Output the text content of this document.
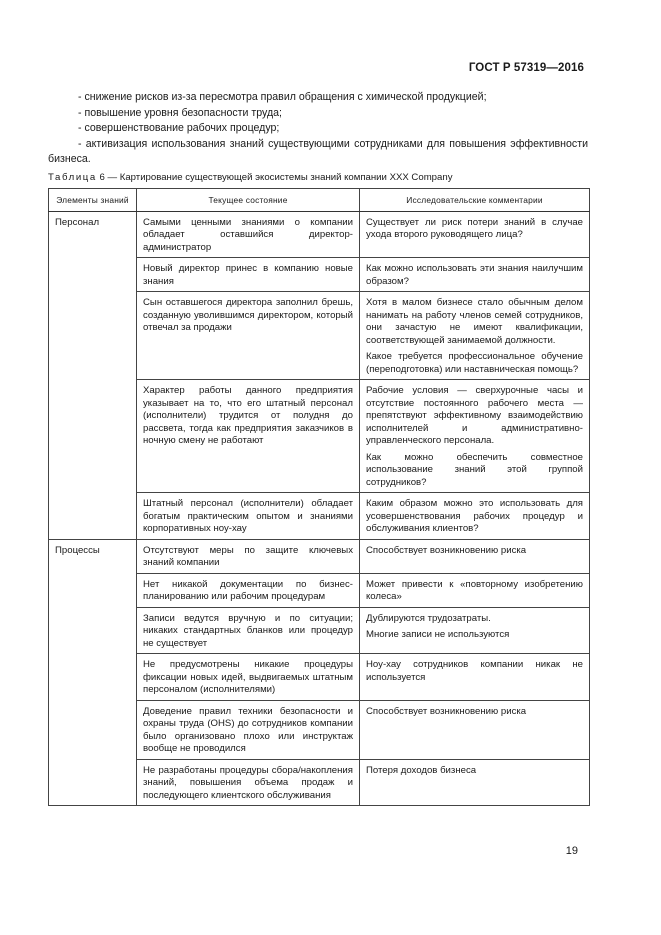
ГОСТ Р 57319—2016

- снижение рисков из-за пересмотра правил обращения с химической продукцией;

- повышение уровня безопасности труда;

- совершенствование рабочих процедур;

- активизация использования знаний существующими сотрудниками для повышения эффективности бизнеса.

Таблица 6 — Картирование существующей экосистемы знаний компании XXX Company
Элементы знаний	Текущее состояние	Исследовательские комментарии
Персонал	Самыми ценными знаниями о компании обладает оставшийся директор-администратор	Существует ли риск потери знаний в случае ухода второго руководящего лица?

	Новый директор принес в компанию новые знания	Как можно использовать эти знания наилучшим образом?

	Сын оставшегося директора заполнил брешь, созданную уволившимся директором, который отвечал за продажи	Хотя в малом бизнесе стало обычным делом нанимать на работу членов семей сотрудников, они зачастую не имеют квалификации, соответствующей занимаемой должности.

Какое требуется профессиональное обучение (переподготовка) или наставническая помощь?

	Характер работы данного предприятия указывает на то, что его штатный персонал (исполнители) трудится от полудня до рассвета, тогда как предприятия заказчиков в ночную смену не работают	Рабочие условия — сверхурочные часы и отсутствие постоянного рабочего места — препятствуют эффективному взаимодействию исполнителей и административно-управленческого персонала.

Как можно обеспечить совместное использование знаний этой группой сотрудников?

	Штатный персонал (исполнители) обладает богатым практическим опытом и знаниями корпоративных ноу-хау	Каким образом можно это использовать для усовершенствования рабочих процедур и обслуживания клиентов?

Процессы	Отсутствуют меры по защите ключевых знаний компании	Способствует возникновению риска

	Нет никакой документации по бизнес-планированию или рабочим процедурам	Может привести к «повторному изобретению колеса»

	Записи ведутся вручную и по ситуации; никаких стандартных бланков или процедур не существует	Дублируются трудозатраты.

Многие записи не используются

	Не предусмотрены никакие процедуры фиксации новых идей, выдвигаемых штатным персоналом (исполнителями)	Ноу-хау сотрудников компании никак не используется

	Доведение правил техники безопасности и охраны труда (OHS) до сотрудников компании было организовано плохо или инструктаж вообще не проводился	Способствует возникновению риска

	Не разработаны процедуры сбора/накопления знаний, повышения объема продаж и последующего клиентского обслуживания	Потеря доходов бизнеса

19
